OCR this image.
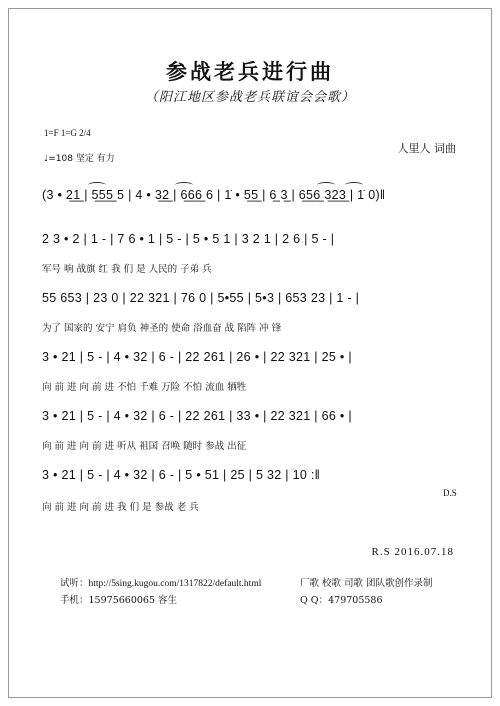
参战老兵进行曲
（阳江地区参战老兵联谊会会歌）
1=F 1=G 2/4
♩=108 坚定 有力
人里人 词曲
(3 • 2̲1̲ | 5̲5̲5̲ 5 | 4 • 3̲2̲ | 6̲6̲6̲ 6 | 1̇ • 5̲5̲ | 6̲ 3̲ | 6̲5̲6̲ 3̲2̲3̲ | 1̇ 0)‖
2 3 • 2 | 1 - | 7 6 • 1 | 5 - | 5 • 5 1 | 3 2 1 | 2 6 | 5 - |
军号 响 战旗 红 我 们 是 人民的 子弟 兵
55 653 | 23 0 | 22 321 | 76 0 | 5•55 | 5•3 | 653 23 | 1 - |
为了 国家的 安宁 肩负 神圣的 使命 浴血奋 战 陷阵 冲 锋
3 • 21 | 5 - | 4 • 32 | 6 - | 22 261 | 26 • | 22 321 | 25 • |
向 前 进 向 前 进 不怕 千难 万险 不怕 流血 牺牲
3 • 21 | 5 - | 4 • 32 | 6 - | 22 261 | 33 • | 22 321 | 66 • |
向 前 进 向 前 进 听从 祖国 召唤 随时 参战 出征
3 • 21 | 5 - | 4 • 32 | 6 - | 5 • 51 | 25 | 5 32 | 10 :‖
向 前 进 向 前 进 我 们 是 参战 老 兵
D.S
R.S 2016.07.18
试听：http://5sing.kugou.com/1317822/default.html	厂歌 校歌 司歌 团队歌创作录制
手机：15975660065 容生	Q Q：479705586
